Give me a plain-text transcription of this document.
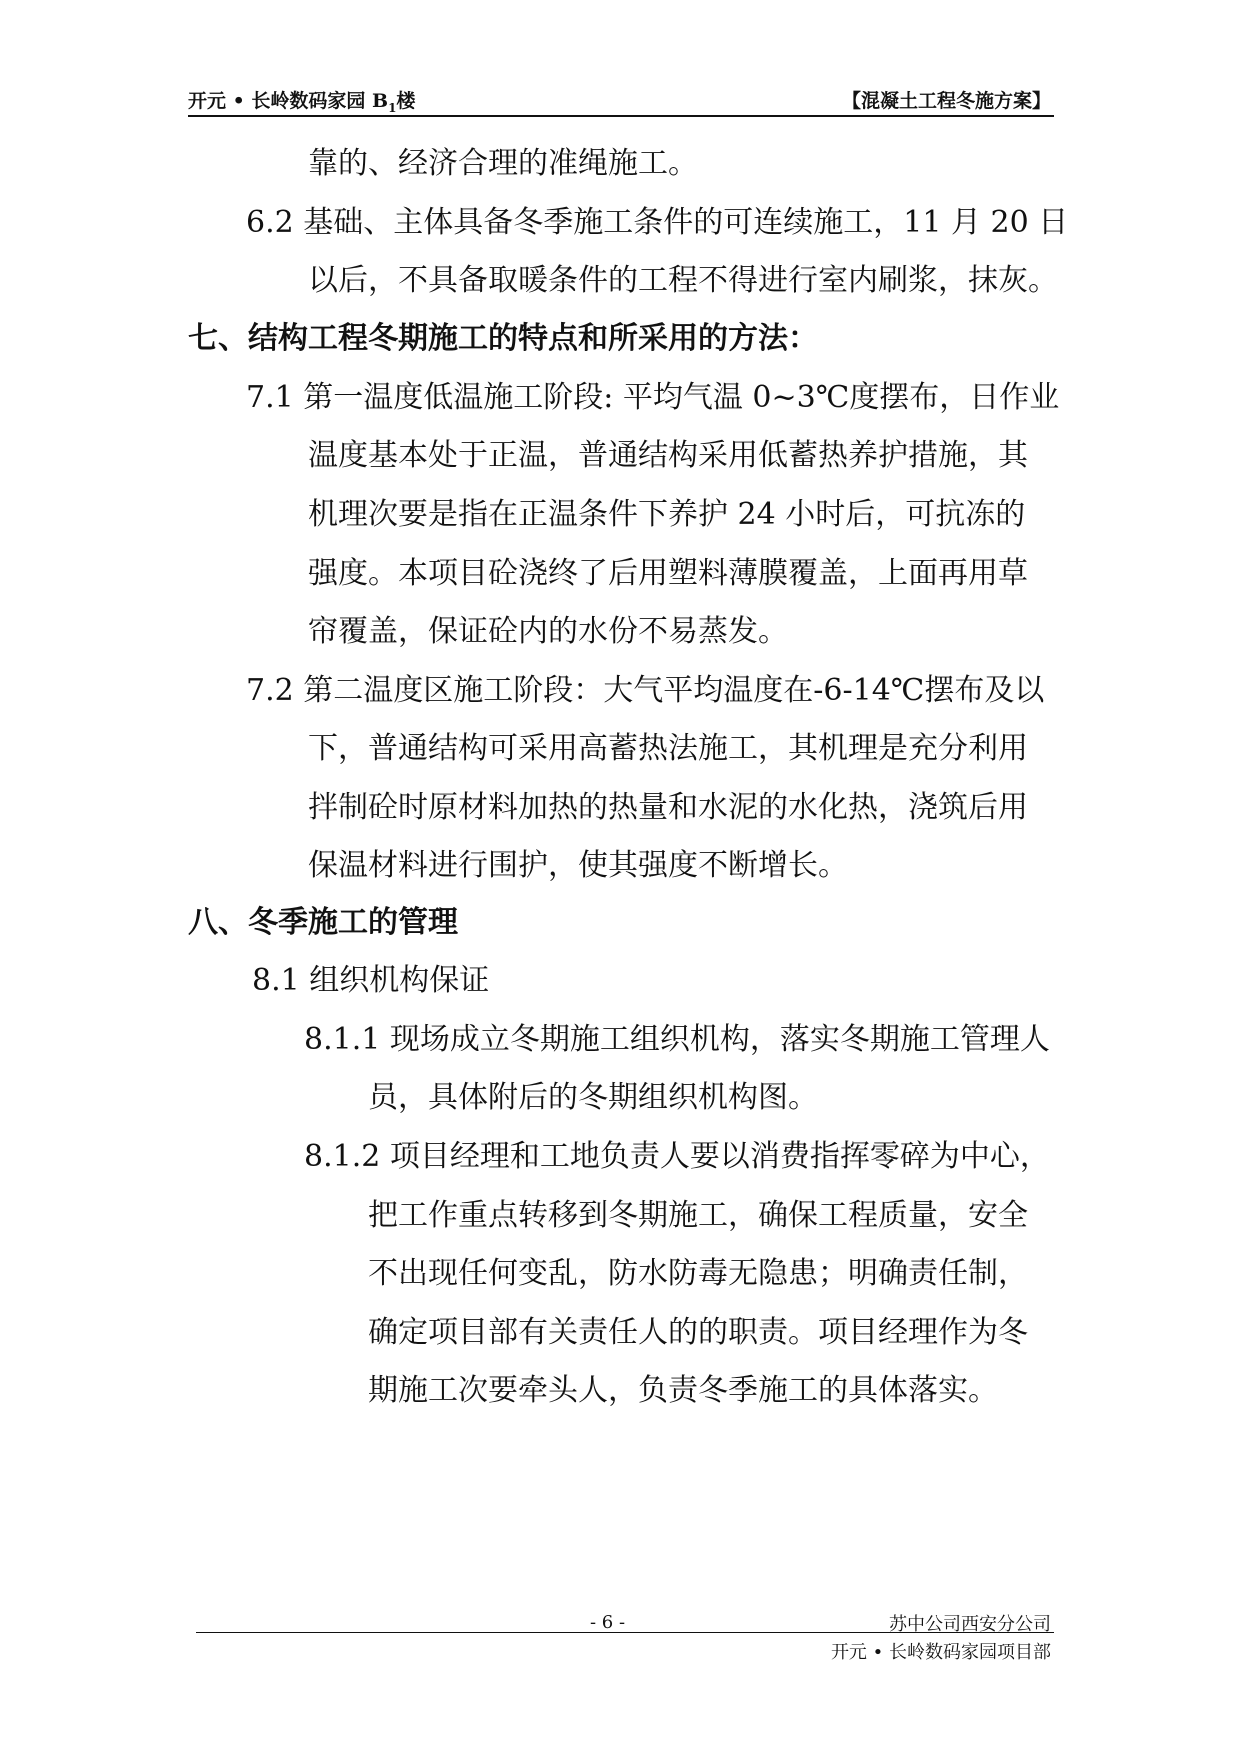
开元 • 长岭数码家园 $B_1$楼	【混凝土工程冬施方案】
靠的、经济合理的准绳施工。
6.2 基础、主体具备冬季施工条件的可连续施工，11 月 20 日
以后，不具备取暖条件的工程不得进行室内刷浆，抹灰。
七、结构工程冬期施工的特点和所采用的方法：
7.1 第一温度低温施工阶段: 平均气温 0~3℃度摆布，日作业
温度基本处于正温，普通结构采用低蓄热养护措施，其
机理次要是指在正温条件下养护 24 小时后，可抗冻的
强度。本项目砼浇终了后用塑料薄膜覆盖，上面再用草
帘覆盖，保证砼内的水份不易蒸发。
7.2 第二温度区施工阶段：大气平均温度在-6-14℃摆布及以
下，普通结构可采用高蓄热法施工，其机理是充分利用
拌制砼时原材料加热的热量和水泥的水化热，浇筑后用
保温材料进行围护，使其强度不断增长。
八、冬季施工的管理
8.1 组织机构保证
8.1.1 现场成立冬期施工组织机构，落实冬期施工管理人
员，具体附后的冬期组织机构图。
8.1.2 项目经理和工地负责人要以消费指挥零碎为中心，
把工作重点转移到冬期施工，确保工程质量，安全
不出现任何变乱，防水防毒无隐患；明确责任制，
确定项目部有关责任人的的职责。项目经理作为冬
期施工次要牵头人，负责冬季施工的具体落实。
- 6 -	苏中公司西安分公司
开元 • 长岭数码家园项目部
